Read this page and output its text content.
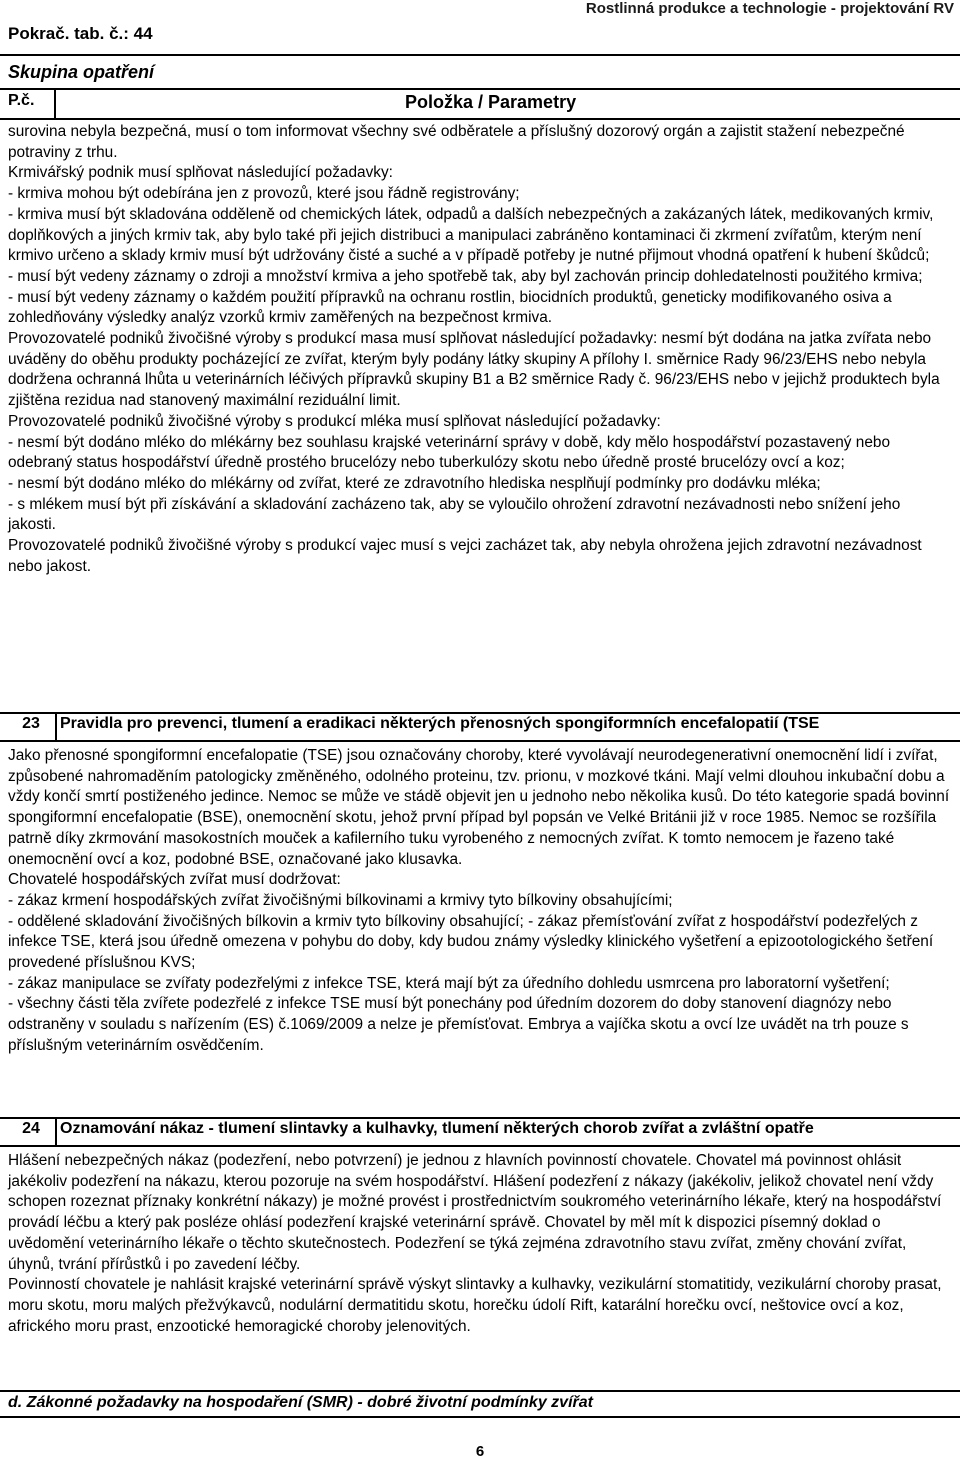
Rostlinná produkce a technologie - projektování RV
Pokrač. tab. č.: 44
Skupina opatření
P.č.	Položka / Parametry

surovina nebyla bezpečná, musí o tom informovat všechny své odběratele a příslušný dozorový orgán a zajistit stažení nebezpečné potraviny z trhu.

Krmivářský podnik musí splňovat následující požadavky:

- krmiva mohou být odebírána jen z provozů, které jsou řádně registrovány;

- krmiva musí být skladována odděleně od chemických látek, odpadů a dalších nebezpečných a zakázaných látek, medikovaných krmiv, doplňkových a jiných krmiv tak, aby bylo také při jejich distribuci a manipulaci zabráněno kontaminaci či zkrmení zvířatům, kterým není krmivo určeno a sklady krmiv musí být udržovány čisté a suché a v případě potřeby je nutné přijmout vhodná opatření k hubení škůdců;

- musí být vedeny záznamy o zdroji a množství krmiva a jeho spotřebě tak, aby byl zachován princip dohledatelnosti použitého krmiva;

- musí být vedeny záznamy o každém použití přípravků na ochranu rostlin, biocidních produktů, geneticky modifikovaného osiva a zohledňovány výsledky analýz vzorků krmiv zaměřených na bezpečnost krmiva.

Provozovatelé podniků živočišné výroby s produkcí masa musí splňovat následující požadavky: nesmí být dodána na jatka zvířata nebo uváděny do oběhu produkty pocházející ze zvířat, kterým byly podány látky skupiny A přílohy I. směrnice Rady 96/23/EHS nebo nebyla dodržena ochranná lhůta u veterinárních léčivých přípravků skupiny B1 a B2 směrnice Rady č. 96/23/EHS nebo v jejichž produktech byla zjištěna rezidua nad stanovený maximální reziduální limit.

Provozovatelé podniků živočišné výroby s produkcí mléka musí splňovat následující požadavky:

- nesmí být dodáno mléko do mlékárny bez souhlasu krajské veterinární správy v době, kdy mělo hospodářství pozastavený nebo odebraný status hospodářství úředně prostého brucelózy nebo tuberkulózy skotu nebo úředně prosté brucelózy ovcí a koz;

- nesmí být dodáno mléko do mlékárny od zvířat, které ze zdravotního hlediska nesplňují podmínky pro dodávku mléka;

- s mlékem musí být při získávání a skladování zacházeno tak, aby se vyloučilo ohrožení zdravotní nezávadnosti nebo snížení jeho jakosti.

Provozovatelé podniků živočišné výroby s produkcí vajec musí s vejci zacházet tak, aby nebyla ohrožena jejich zdravotní nezávadnost nebo jakost.

23	Pravidla pro prevenci, tlumení a eradikaci některých přenosných spongiformních encefalopatií (TSE

Jako přenosné spongiformní encefalopatie (TSE) jsou označovány choroby, které vyvolávají neurodegenerativní onemocnění lidí i zvířat, způsobené nahromaděním patologicky změněného, odolného proteinu, tzv. prionu, v mozkové tkáni. Mají velmi dlouhou inkubační dobu a vždy končí smrtí postiženého jedince. Nemoc se může ve stádě objevit jen u jednoho nebo několika kusů. Do této kategorie spadá bovinní spongiformní encefalopatie (BSE), onemocnění skotu, jehož první případ byl popsán ve Velké Británii již v roce 1985. Nemoc se rozšířila patrně díky zkrmování masokostních mouček a kafilerního tuku vyrobeného z nemocných zvířat. K tomto nemocem je řazeno také onemocnění ovcí a koz, podobné BSE, označované jako klusavka.

Chovatelé hospodářských zvířat musí dodržovat:

- zákaz krmení hospodářských zvířat živočišnými bílkovinami a krmivy tyto bílkoviny obsahujícími;

- oddělené skladování živočišných bílkovin a krmiv tyto bílkoviny obsahující; - zákaz přemísťování zvířat z hospodářství podezřelých z infekce TSE, která jsou úředně omezena v pohybu do doby, kdy budou známy výsledky klinického vyšetření a epizootologického šetření provedené příslušnou KVS;

- zákaz manipulace se zvířaty podezřelými z infekce TSE, která mají být za úředního dohledu usmrcena pro laboratorní vyšetření;

- všechny části těla zvířete podezřelé z infekce TSE musí být ponechány pod úředním dozorem do doby stanovení diagnózy nebo odstraněny v souladu s nařízením (ES) č.1069/2009 a nelze je přemísťovat. Embrya a vajíčka skotu a ovcí lze uvádět na trh pouze s příslušným veterinárním osvědčením.

24	Oznamování nákaz - tlumení slintavky a kulhavky, tlumení některých chorob zvířat a zvláštní opatře

Hlášení nebezpečných nákaz (podezření, nebo potvrzení) je jednou z hlavních povinností chovatele. Chovatel má povinnost ohlásit jakékoliv podezření na nákazu, kterou pozoruje na svém hospodářství. Hlášení podezření z nákazy (jakékoliv, jelikož chovatel není vždy schopen rozeznat příznaky konkrétní nákazy) je možné provést i prostřednictvím soukromého veterinárního lékaře, který na hospodářství provádí léčbu a který pak posléze ohlásí podezření krajské veterinární správě. Chovatel by měl mít k dispozici písemný doklad o uvědomění veterinárního lékaře o těchto skutečnostech. Podezření se týká zejména zdravotního stavu zvířat, změny chování zvířat, úhynů, tvrání přírůstků i po zavedení léčby.

Povinností chovatele je nahlásit krajské veterinární správě výskyt slintavky a kulhavky, vezikulární stomatitidy, vezikulární choroby prasat, moru skotu, moru malých přežvýkavců, nodulární dermatitidu skotu, horečku údolí Rift, katarální horečku ovcí, neštovice ovcí a koz, afrického moru prast, enzootické hemoragické choroby jelenovitých.

d. Zákonné požadavky na hospodaření (SMR) - dobré životní podmínky zvířat
6
